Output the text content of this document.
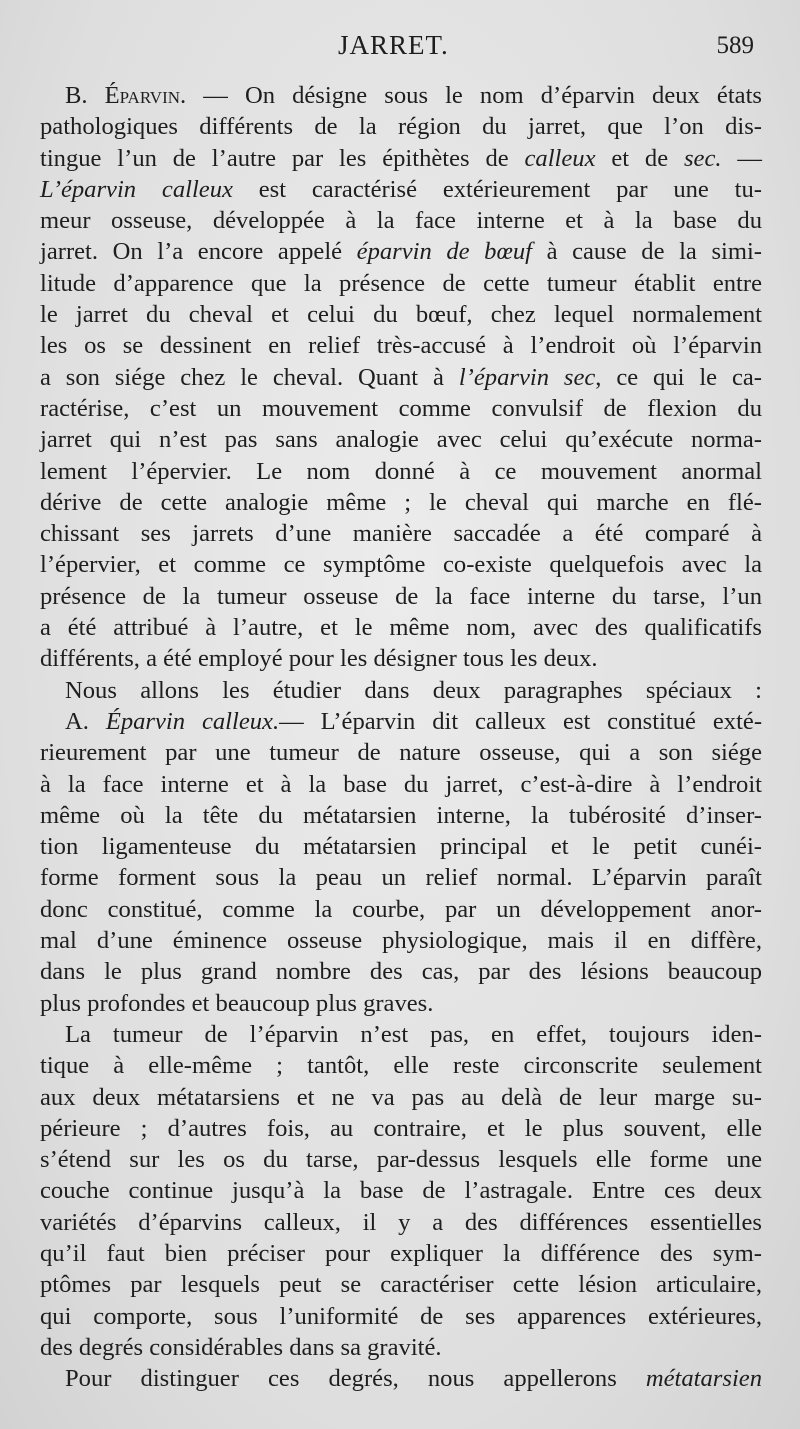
JARRET.	589
B. Éparvin. — On désigne sous le nom d’éparvin deux états
pathologiques différents de la région du jarret, que l’on dis-
tingue l’un de l’autre par les épithètes de calleux et de sec. —
L’éparvin calleux est caractérisé extérieurement par une tu-
meur osseuse, développée à la face interne et à la base du
jarret. On l’a encore appelé éparvin de bœuf à cause de la simi-
litude d’apparence que la présence de cette tumeur établit entre
le jarret du cheval et celui du bœuf, chez lequel normalement
les os se dessinent en relief très-accusé à l’endroit où l’éparvin
a son siége chez le cheval. Quant à l’éparvin sec, ce qui le ca-
ractérise, c’est un mouvement comme convulsif de flexion du
jarret qui n’est pas sans analogie avec celui qu’exécute norma-
lement l’épervier. Le nom donné à ce mouvement anormal
dérive de cette analogie même ; le cheval qui marche en flé-
chissant ses jarrets d’une manière saccadée a été comparé à
l’épervier, et comme ce symptôme co-existe quelquefois avec la
présence de la tumeur osseuse de la face interne du tarse, l’un
a été attribué à l’autre, et le même nom, avec des qualificatifs
différents, a été employé pour les désigner tous les deux.
Nous allons les étudier dans deux paragraphes spéciaux :
A. Éparvin calleux.— L’éparvin dit calleux est constitué exté-
rieurement par une tumeur de nature osseuse, qui a son siége
à la face interne et à la base du jarret, c’est-à-dire à l’endroit
même où la tête du métatarsien interne, la tubérosité d’inser-
tion ligamenteuse du métatarsien principal et le petit cunéi-
forme forment sous la peau un relief normal. L’éparvin paraît
donc constitué, comme la courbe, par un développement anor-
mal d’une éminence osseuse physiologique, mais il en diffère,
dans le plus grand nombre des cas, par des lésions beaucoup
plus profondes et beaucoup plus graves.
La tumeur de l’éparvin n’est pas, en effet, toujours iden-
tique à elle-même ; tantôt, elle reste circonscrite seulement
aux deux métatarsiens et ne va pas au delà de leur marge su-
périeure ; d’autres fois, au contraire, et le plus souvent, elle
s’étend sur les os du tarse, par-dessus lesquels elle forme une
couche continue jusqu’à la base de l’astragale. Entre ces deux
variétés d’éparvins calleux, il y a des différences essentielles
qu’il faut bien préciser pour expliquer la différence des sym-
ptômes par lesquels peut se caractériser cette lésion articulaire,
qui comporte, sous l’uniformité de ses apparences extérieures,
des degrés considérables dans sa gravité.
Pour distinguer ces degrés, nous appellerons métatarsien
